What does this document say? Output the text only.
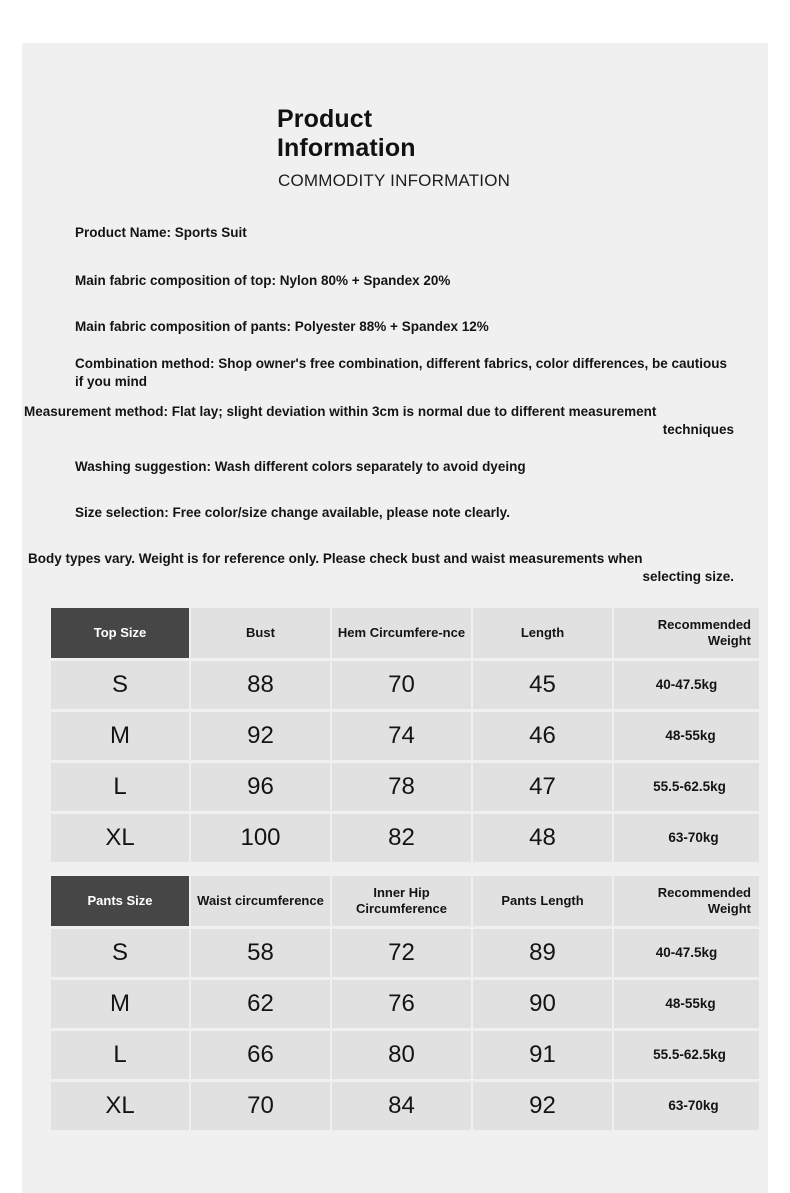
Product
Information
COMMODITY INFORMATION

Product Name: Sports Suit

Main fabric composition of top: Nylon 80% + Spandex 20%

Main fabric composition of pants: Polyester 88% + Spandex 12%

Combination method: Shop owner's free combination, different fabrics, color differences, be cautious if you mind

Measurement method: Flat lay; slight deviation within 3cm is normal due to different measurement
techniques

Washing suggestion: Wash different colors separately to avoid dyeing

Size selection: Free color/size change available, please note clearly.

Body types vary. Weight is for reference only. Please check bust and waist measurements when
selecting size.

Top Size	Bust	Hem Circumfere-nce	Length	Recommended Weight
S	88	70	45	40-47.5kg
M	92	74	46	48-55kg
L	96	78	47	55.5-62.5kg
XL	100	82	48	63-70kg
Pants Size	Waist circumference	Inner Hip Circumference	Pants Length	Recommended Weight
S	58	72	89	40-47.5kg
M	62	76	90	48-55kg
L	66	80	91	55.5-62.5kg
XL	70	84	92	63-70kg
